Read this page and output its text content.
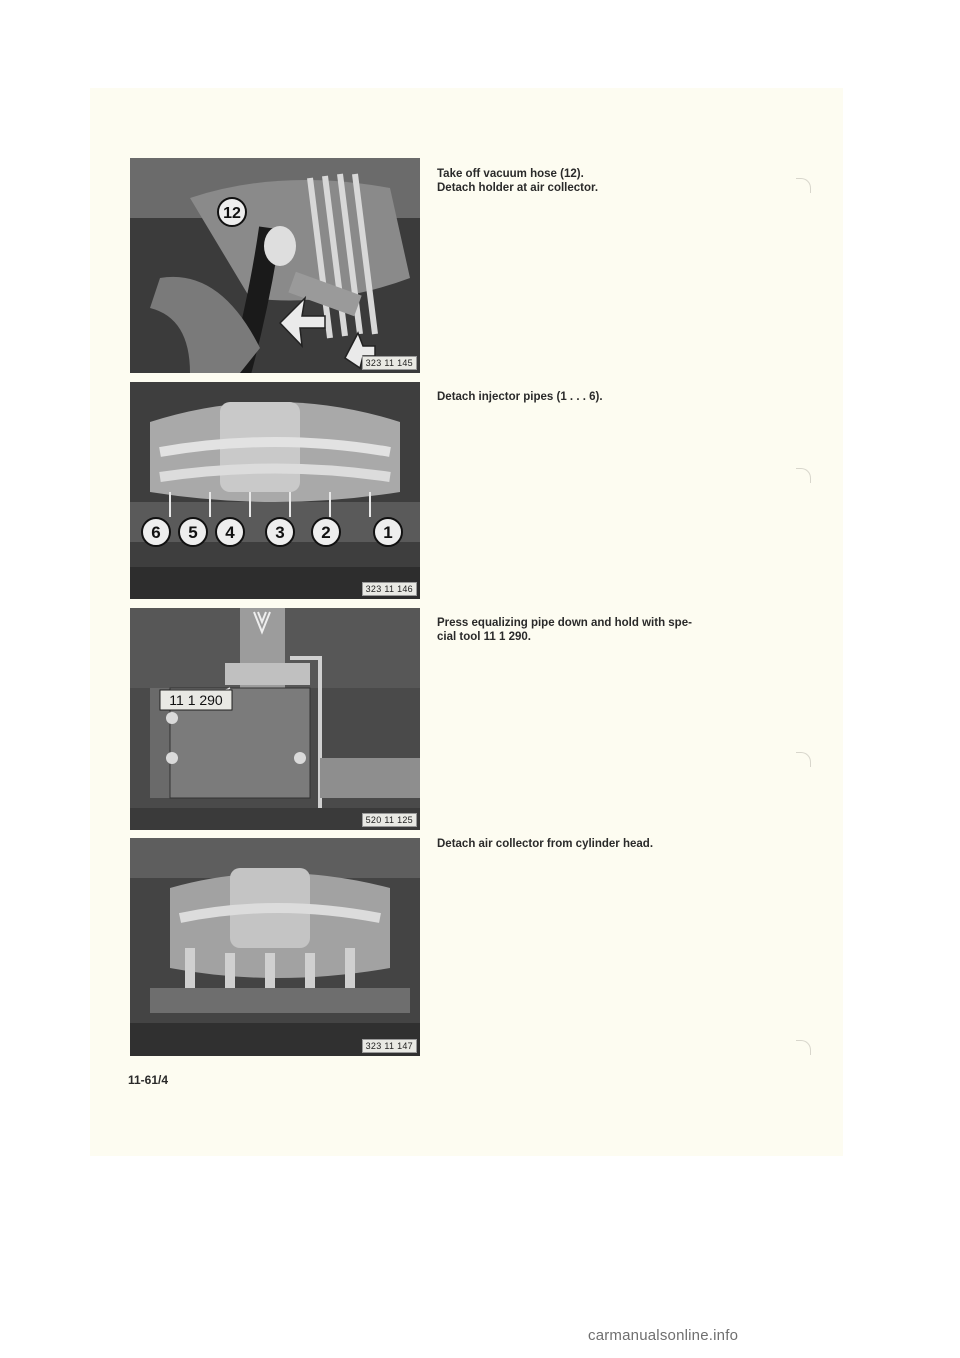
12
323 11 145

Take off vacuum hose (12).
Detach holder at air collector.

6 5 4 3 2	1
323 11 146

Detach injector pipes (1 . . . 6).

11 1 290
520 11 125

Press equalizing pipe down and hold with spe-
cial tool 11 1 290.

323 11 147

Detach air collector from cylinder head.

11-61/4
carmanualsonline.info
